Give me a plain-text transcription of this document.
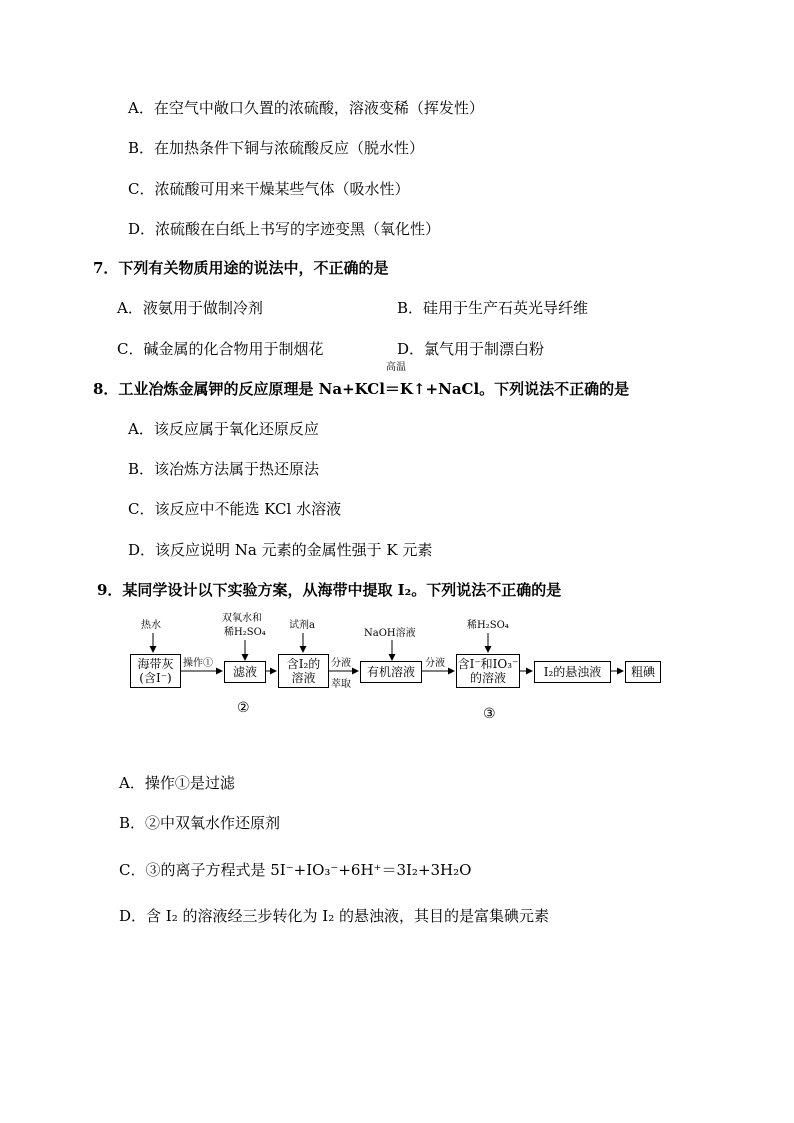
A．在空气中敞口久置的浓硫酸，溶液变稀（挥发性）
B．在加热条件下铜与浓硫酸反应（脱水性）
C．浓硫酸可用来干燥某些气体（吸水性）
D．浓硫酸在白纸上书写的字迹变黑（氧化性）
7．下列有关物质用途的说法中，不正确的是
A．液氨用于做制冷剂	B．硅用于生产石英光导纤维
C．碱金属的化合物用于制烟花	D．氯气用于制漂白粉
高温
8．工业冶炼金属钾的反应原理是 Na+KCl＝K↑+NaCl。下列说法不正确的是
A．该反应属于氧化还原反应
B．该冶炼方法属于热还原法
C．该反应中不能选 KCl 水溶液
D．该反应说明 Na 元素的金属性强于 K 元素
9．某同学设计以下实验方案，从海带中提取 I₂。下列说法不正确的是
热水
双氧水和
稀H₂SO₄
试剂a
NaOH溶液
稀H₂SO₄
海带灰
(含I⁻)
操作①
滤液
含I₂的
溶液
分液
萃取
有机溶液
分液 含I⁻和IO₃⁻
的溶液	I₂的悬浊液 粗碘
②	③
A．操作①是过滤
B．②中双氧水作还原剂
C．③的离子方程式是 5I⁻+IO₃⁻+6H⁺＝3I₂+3H₂O
D．含 I₂ 的溶液经三步转化为 I₂ 的悬浊液，其目的是富集碘元素
